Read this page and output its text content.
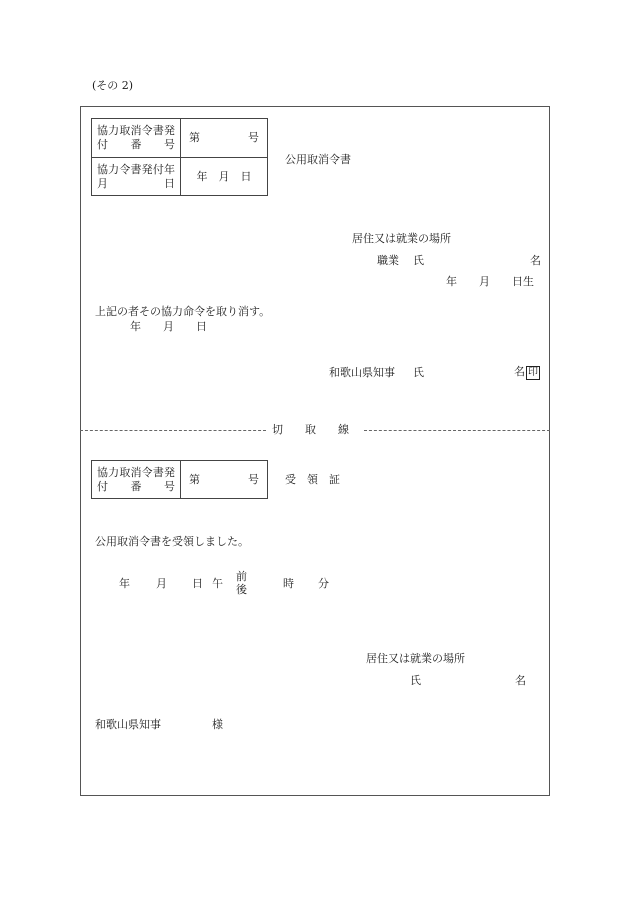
(その 2)
協力取消令書発付番号	第 号

協力令書発付年月日	年　月　日
公用取消令書
居住又は就業の場所
職業 氏	名
年　　月　　日生
上記の者その協力命令を取り消す。
年　　月　　日
和歌山県知事 氏	名 印
切　　取　　線
協力取消令書発付番号	第	号 受　領　証
公用取消令書を受領しました。
年 月 日 午
前
後	時 分
居住又は就業の場所
氏	名
和歌山県知事	様
